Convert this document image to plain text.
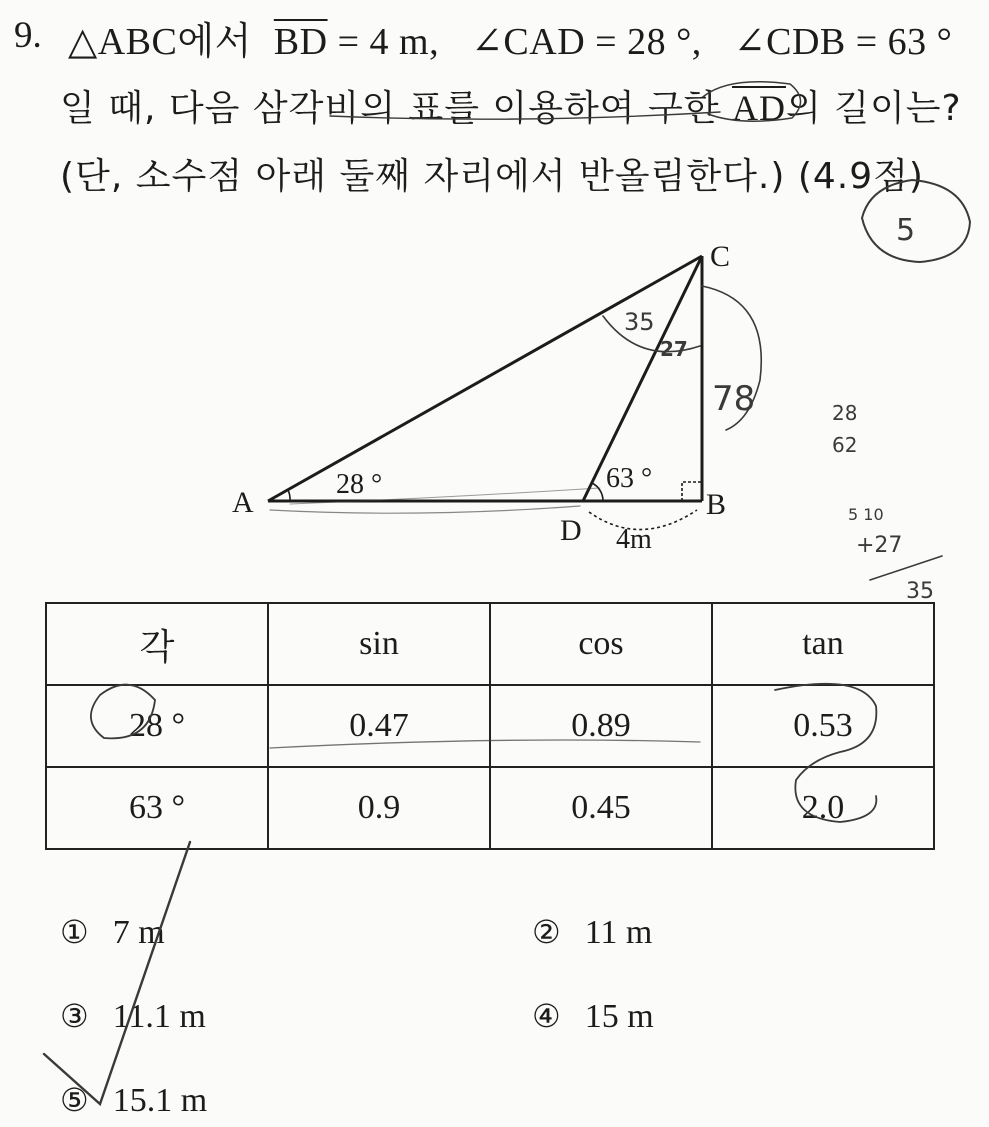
9. △ABC에서 $\overline{BD} = 4$ m, ∠CAD = 28 °, ∠CDB = 63 °
일 때, 다음 삼각비의 표를 이용하여 구한 $\overline{AD}$의 길이는?
(단, 소수점 아래 둘째 자리에서 반올림한다.) (4.9점)
A	B
C
D
28 °	63 °
4m
각	sin	cos	tan
28 °	0.47	0.89	0.53
63 °	0.9	0.45	2.0
① 7 m	② 11 m
③ 11.1 m	④ 15 m
⑤ 15.1 m
5
35
27
78	28
62
5 10
+27
35
